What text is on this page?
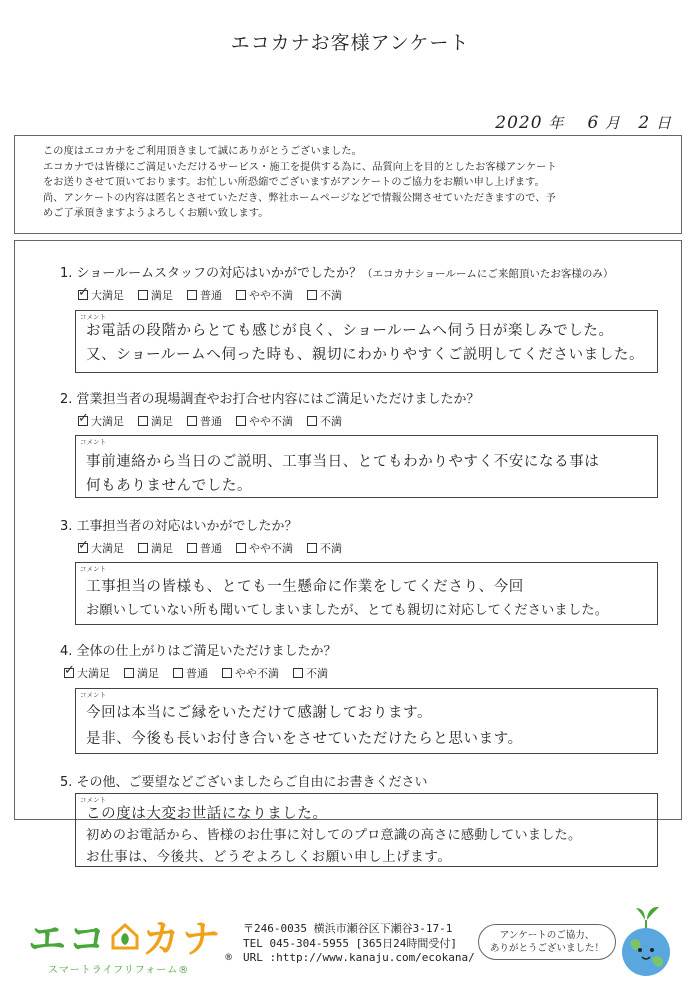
エコカナお客様アンケート
2020 年 6 月 2 日

この度はエコカナをご利用頂きまして誠にありがとうございました。

エコカナでは皆様にご満足いただけるサービス・施工を提供する為に、品質向上を目的としたお客様アンケート

をお送りさせて頂いております。お忙しい所恐縮でございますがアンケートのご協力をお願い申し上げます。

尚、アンケートの内容は匿名とさせていただき、弊社ホームページなどで情報公開させていただきますので、予

めご了承頂きますようよろしくお願い致します。

1. ショールームスタッフの対応はいかがでしたか？（エコカナショールームにご来館頂いたお客様のみ）
✓
大満足 満足 普通 やや不満 不満
コメント
お電話の段階からとても感じが良く、ショールームへ伺う日が楽しみでした。
又、ショールームへ伺った時も、親切にわかりやすくご説明してくださいました。
2. 営業担当者の現場調査やお打合せ内容にはご満足いただけましたか？
✓
大満足 満足 普通 やや不満 不満
コメント
事前連絡から当日のご説明、工事当日、とてもわかりやすく不安になる事は
何もありませんでした。
3. 工事担当者の対応はいかがでしたか？
✓
大満足 満足 普通 やや不満 不満
コメント
工事担当の皆様も、とても一生懸命に作業をしてくださり、今回
お願いしていない所も聞いてしまいましたが、とても親切に対応してくださいました。
4. 全体の仕上がりはご満足いただけましたか？
✓
大満足 満足 普通 やや不満 不満
コメント
今回は本当にご縁をいただけて感謝しております。
是非、今後も長いお付き合いをさせていただけたらと思います。
5. その他、ご要望などございましたらご自由にお書きください
コメント
この度は大変お世話になりました。
初めのお電話から、皆様のお仕事に対してのプロ意識の高さに感動していました。
お仕事は、今後共、どうぞよろしくお願い申し上げます。
エ コ カ ナ ®
スマートライフリフォーム®
〒246-0035 横浜市瀬谷区下瀬谷3-17-1
TEL 045-304-5955 [365日24時間受付]
URL :http://www.kanaju.com/ecokana/
アンケートのご協力、
ありがとうございました！
